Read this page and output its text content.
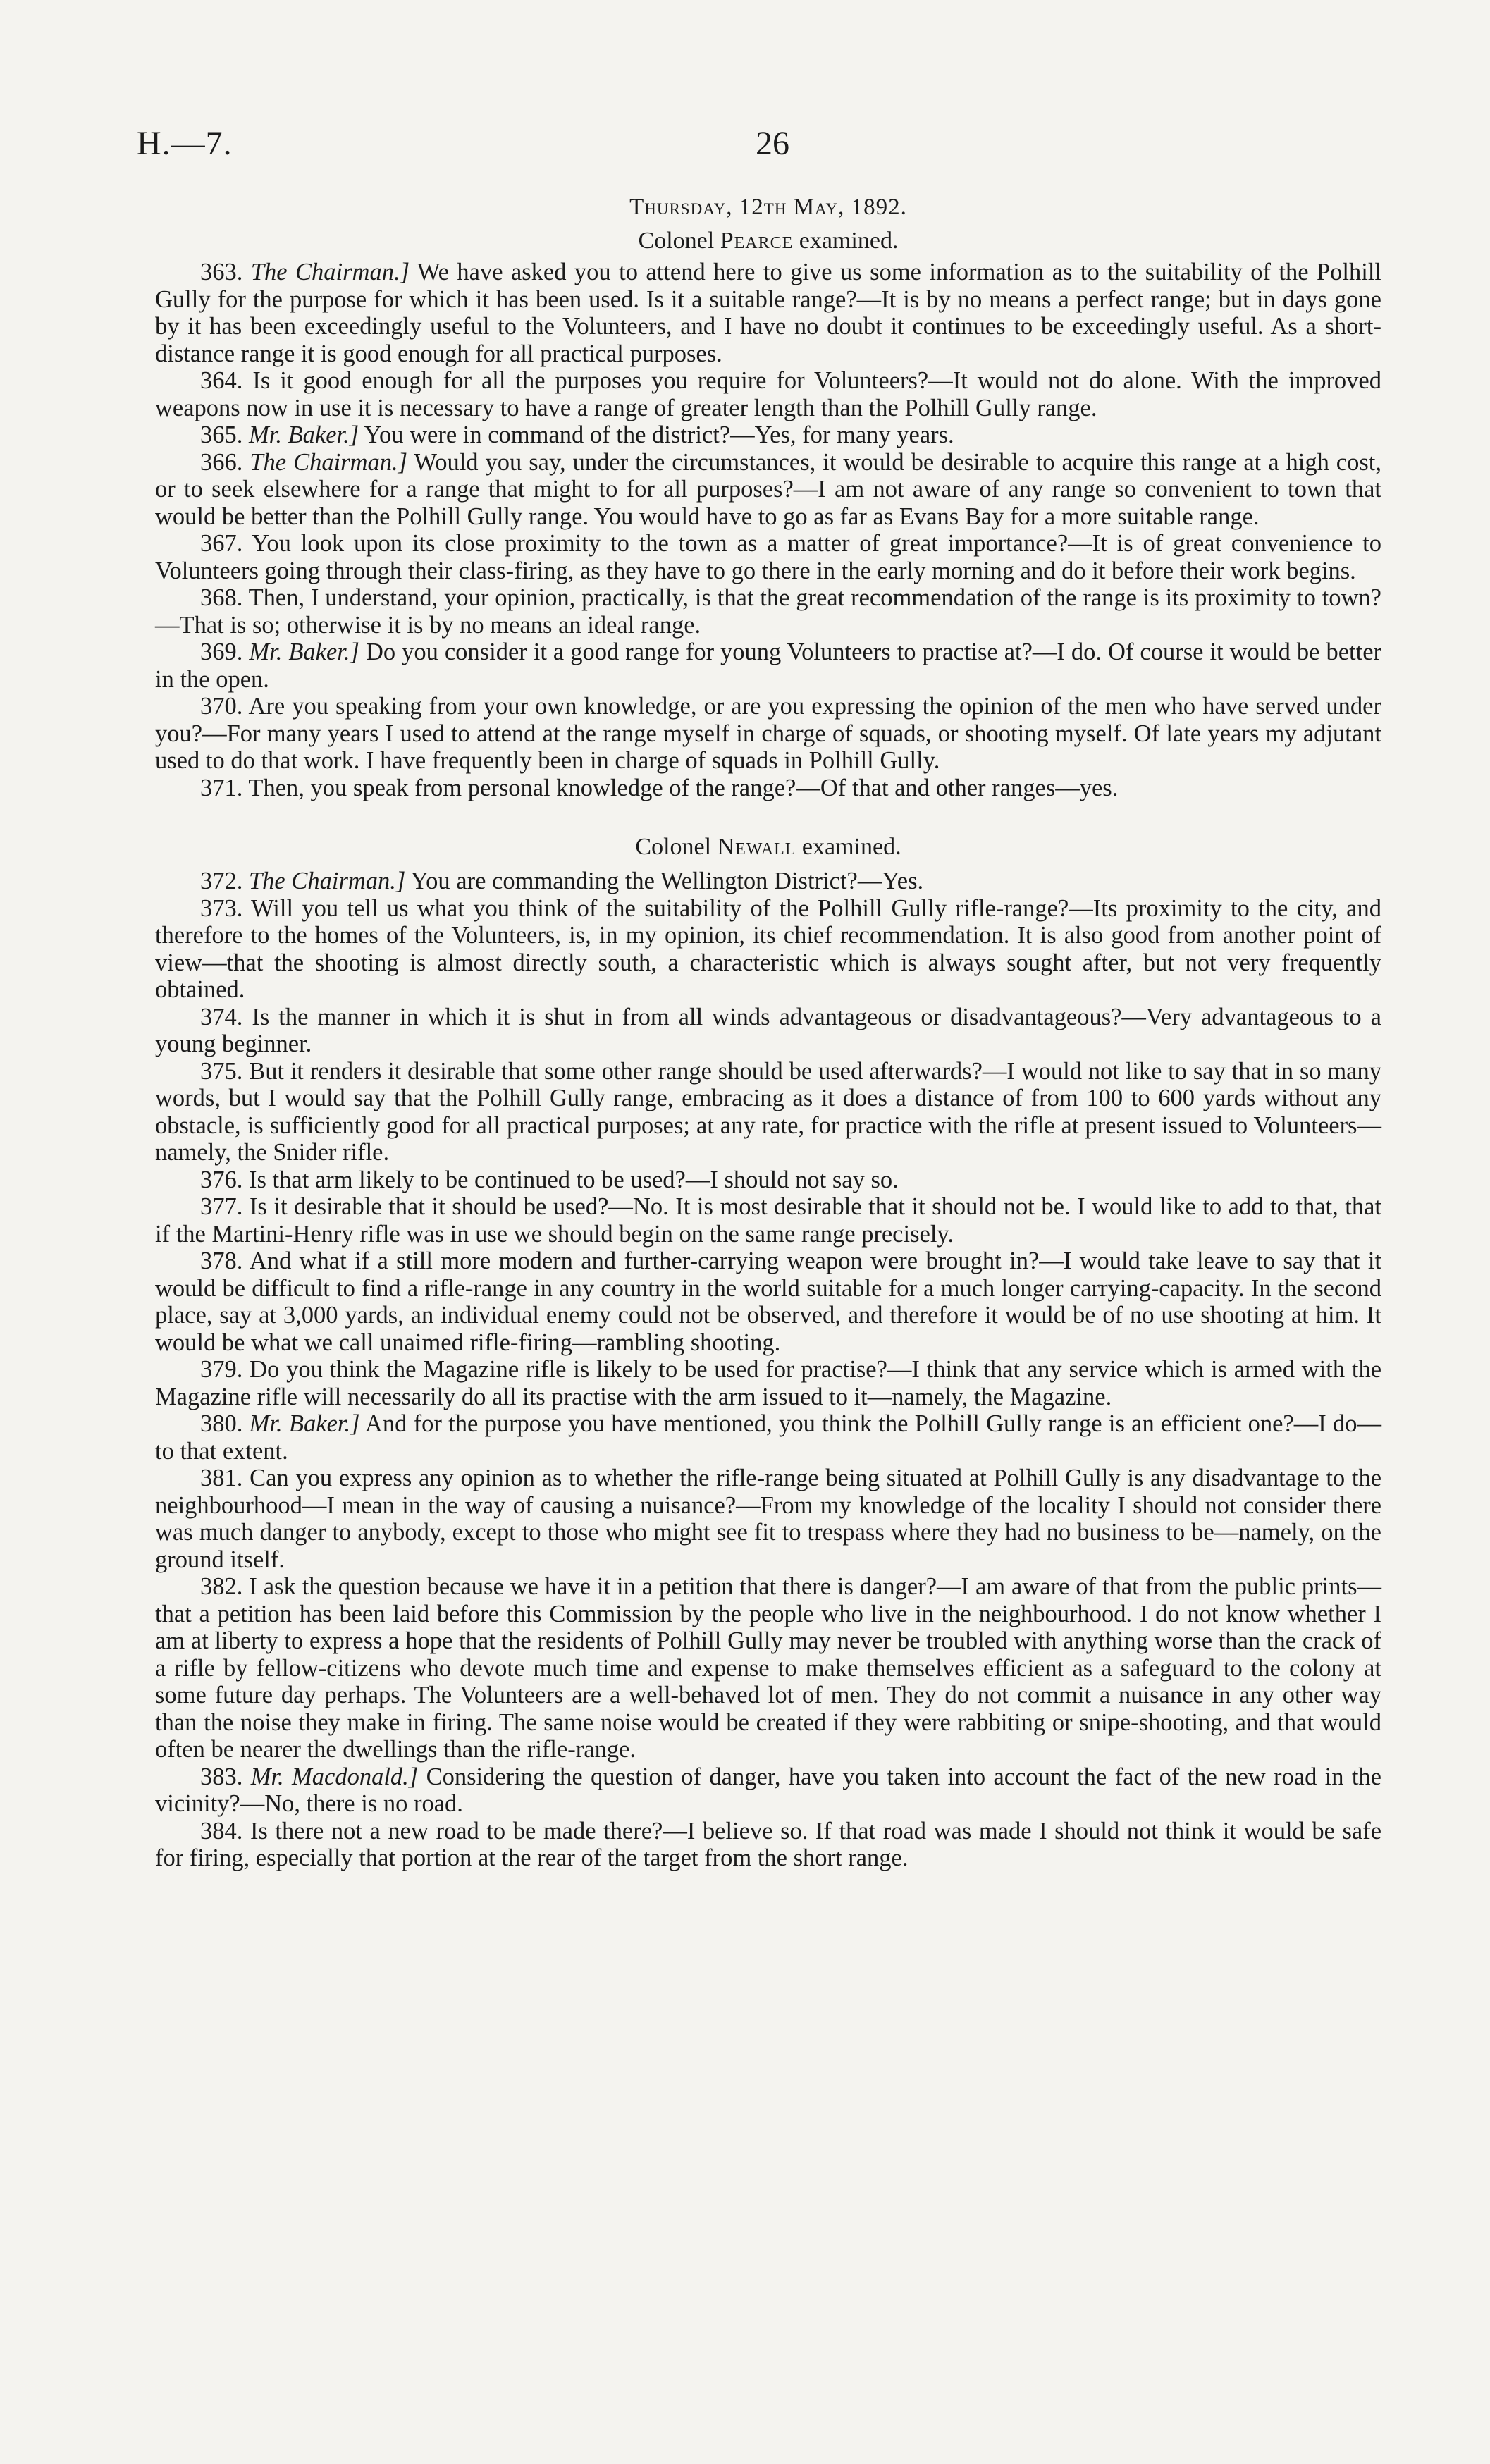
H.—7.	26
Thursday, 12th May, 1892.
Colonel Pearce examined.

363. The Chairman.] We have asked you to attend here to give us some information as to the suitability of the Polhill Gully for the purpose for which it has been used. Is it a suitable range?—It is by no means a perfect range; but in days gone by it has been exceedingly useful to the Volunteers, and I have no doubt it continues to be exceedingly useful. As a short-distance range it is good enough for all practical purposes.

364. Is it good enough for all the purposes you require for Volunteers?—It would not do alone. With the improved weapons now in use it is necessary to have a range of greater length than the Polhill Gully range.

365. Mr. Baker.] You were in command of the district?—Yes, for many years.

366. The Chairman.] Would you say, under the circumstances, it would be desirable to acquire this range at a high cost, or to seek elsewhere for a range that might to for all purposes?—I am not aware of any range so convenient to town that would be better than the Polhill Gully range. You would have to go as far as Evans Bay for a more suitable range.

367. You look upon its close proximity to the town as a matter of great importance?—It is of great convenience to Volunteers going through their class-firing, as they have to go there in the early morning and do it before their work begins.

368. Then, I understand, your opinion, practically, is that the great recommendation of the range is its proximity to town?—That is so; otherwise it is by no means an ideal range.

369. Mr. Baker.] Do you consider it a good range for young Volunteers to practise at?—I do. Of course it would be better in the open.

370. Are you speaking from your own knowledge, or are you expressing the opinion of the men who have served under you?—For many years I used to attend at the range myself in charge of squads, or shooting myself. Of late years my adjutant used to do that work. I have frequently been in charge of squads in Polhill Gully.

371. Then, you speak from personal knowledge of the range?—Of that and other ranges—yes.

Colonel Newall examined.

372. The Chairman.] You are commanding the Wellington District?—Yes.

373. Will you tell us what you think of the suitability of the Polhill Gully rifle-range?—Its proximity to the city, and therefore to the homes of the Volunteers, is, in my opinion, its chief recommendation. It is also good from another point of view—that the shooting is almost directly south, a characteristic which is always sought after, but not very frequently obtained.

374. Is the manner in which it is shut in from all winds advantageous or disadvantageous?—Very advantageous to a young beginner.

375. But it renders it desirable that some other range should be used afterwards?—I would not like to say that in so many words, but I would say that the Polhill Gully range, embracing as it does a distance of from 100 to 600 yards without any obstacle, is sufficiently good for all practical purposes; at any rate, for practice with the rifle at present issued to Volunteers—namely, the Snider rifle.

376. Is that arm likely to be continued to be used?—I should not say so.

377. Is it desirable that it should be used?—No. It is most desirable that it should not be. I would like to add to that, that if the Martini-Henry rifle was in use we should begin on the same range precisely.

378. And what if a still more modern and further-carrying weapon were brought in?—I would take leave to say that it would be difficult to find a rifle-range in any country in the world suitable for a much longer carrying-capacity. In the second place, say at 3,000 yards, an individual enemy could not be observed, and therefore it would be of no use shooting at him. It would be what we call unaimed rifle-firing—rambling shooting.

379. Do you think the Magazine rifle is likely to be used for practise?—I think that any service which is armed with the Magazine rifle will necessarily do all its practise with the arm issued to it—namely, the Magazine.

380. Mr. Baker.] And for the purpose you have mentioned, you think the Polhill Gully range is an efficient one?—I do—to that extent.

381. Can you express any opinion as to whether the rifle-range being situated at Polhill Gully is any disadvantage to the neighbourhood—I mean in the way of causing a nuisance?—From my knowledge of the locality I should not consider there was much danger to anybody, except to those who might see fit to trespass where they had no business to be—namely, on the ground itself.

382. I ask the question because we have it in a petition that there is danger?—I am aware of that from the public prints—that a petition has been laid before this Commission by the people who live in the neighbourhood. I do not know whether I am at liberty to express a hope that the residents of Polhill Gully may never be troubled with anything worse than the crack of a rifle by fellow-citizens who devote much time and expense to make themselves efficient as a safeguard to the colony at some future day perhaps. The Volunteers are a well-behaved lot of men. They do not commit a nuisance in any other way than the noise they make in firing. The same noise would be created if they were rabbiting or snipe-shooting, and that would often be nearer the dwellings than the rifle-range.

383. Mr. Macdonald.] Considering the question of danger, have you taken into account the fact of the new road in the vicinity?—No, there is no road.

384. Is there not a new road to be made there?—I believe so. If that road was made I should not think it would be safe for firing, especially that portion at the rear of the target from the short range.
